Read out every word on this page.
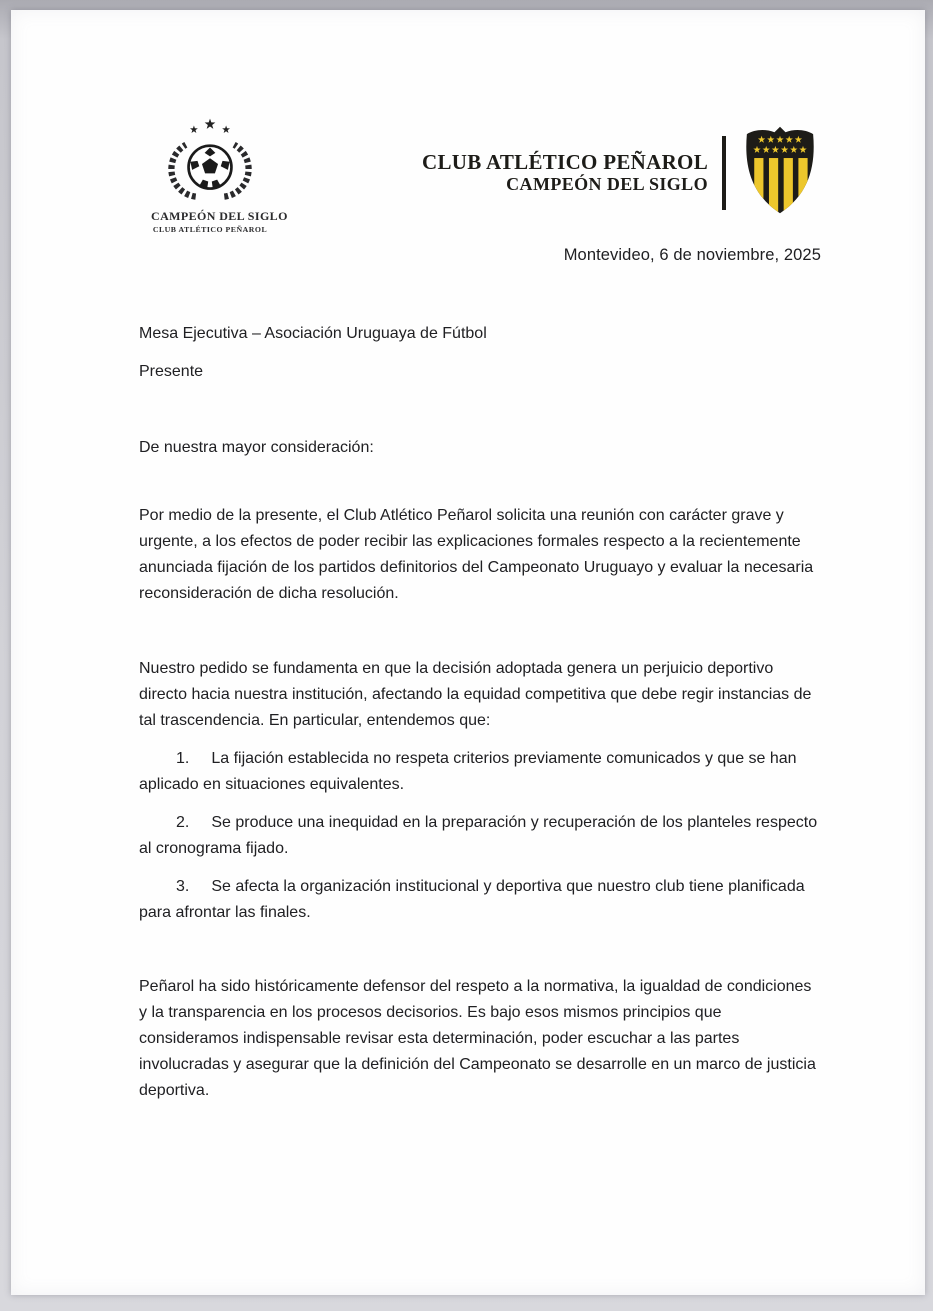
CAMPEÓN DEL SIGLO
CLUB ATLÉTICO PEÑAROL
CLUB ATLÉTICO PEÑAROL
CAMPEÓN DEL SIGLO
Montevideo, 6 de noviembre, 2025

Mesa Ejecutiva – Asociación Uruguaya de Fútbol

Presente

De nuestra mayor consideración:

Por medio de la presente, el Club Atlético Peñarol solicita una reunión con carácter grave y urgente, a los efectos de poder recibir las explicaciones formales respecto a la recientemente anunciada fijación de los partidos definitorios del Campeonato Uruguayo y evaluar la necesaria reconsideración de dicha resolución.

Nuestro pedido se fundamenta en que la decisión adoptada genera un perjuicio deportivo directo hacia nuestra institución, afectando la equidad competitiva que debe regir instancias de tal trascendencia. En particular, entendemos que:

1. La fijación establecida no respeta criterios previamente comunicados y que se han aplicado en situaciones equivalentes.

2. Se produce una inequidad en la preparación y recuperación de los planteles respecto al cronograma fijado.

3. Se afecta la organización institucional y deportiva que nuestro club tiene planificada para afrontar las finales.

Peñarol ha sido históricamente defensor del respeto a la normativa, la igualdad de condiciones y la transparencia en los procesos decisorios. Es bajo esos mismos principios que consideramos indispensable revisar esta determinación, poder escuchar a las partes involucradas y asegurar que la definición del Campeonato se desarrolle en un marco de justicia deportiva.
